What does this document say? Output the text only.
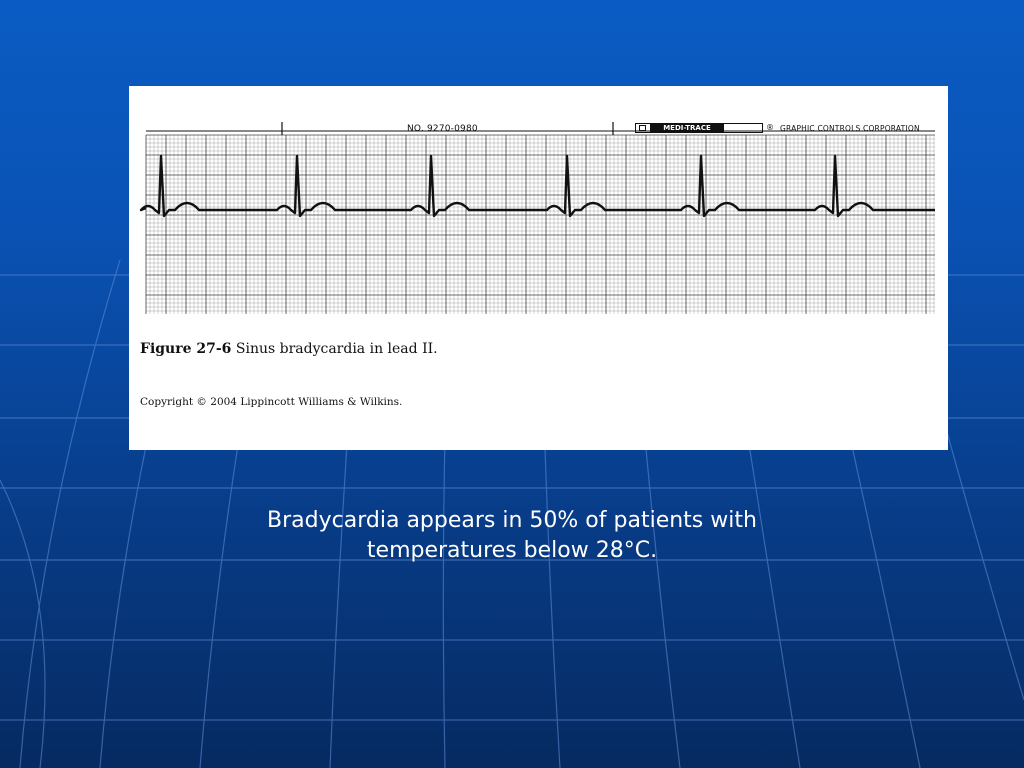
NO. 9270-0980	MEDI-TRACE	® GRAPHIC CONTROLS CORPORATION
Figure 27-6 Sinus bradycardia in lead II.
Copyright © 2004 Lippincott Williams & Wilkins.
Bradycardia appears in 50% of patients with
temperatures below 28°C.
